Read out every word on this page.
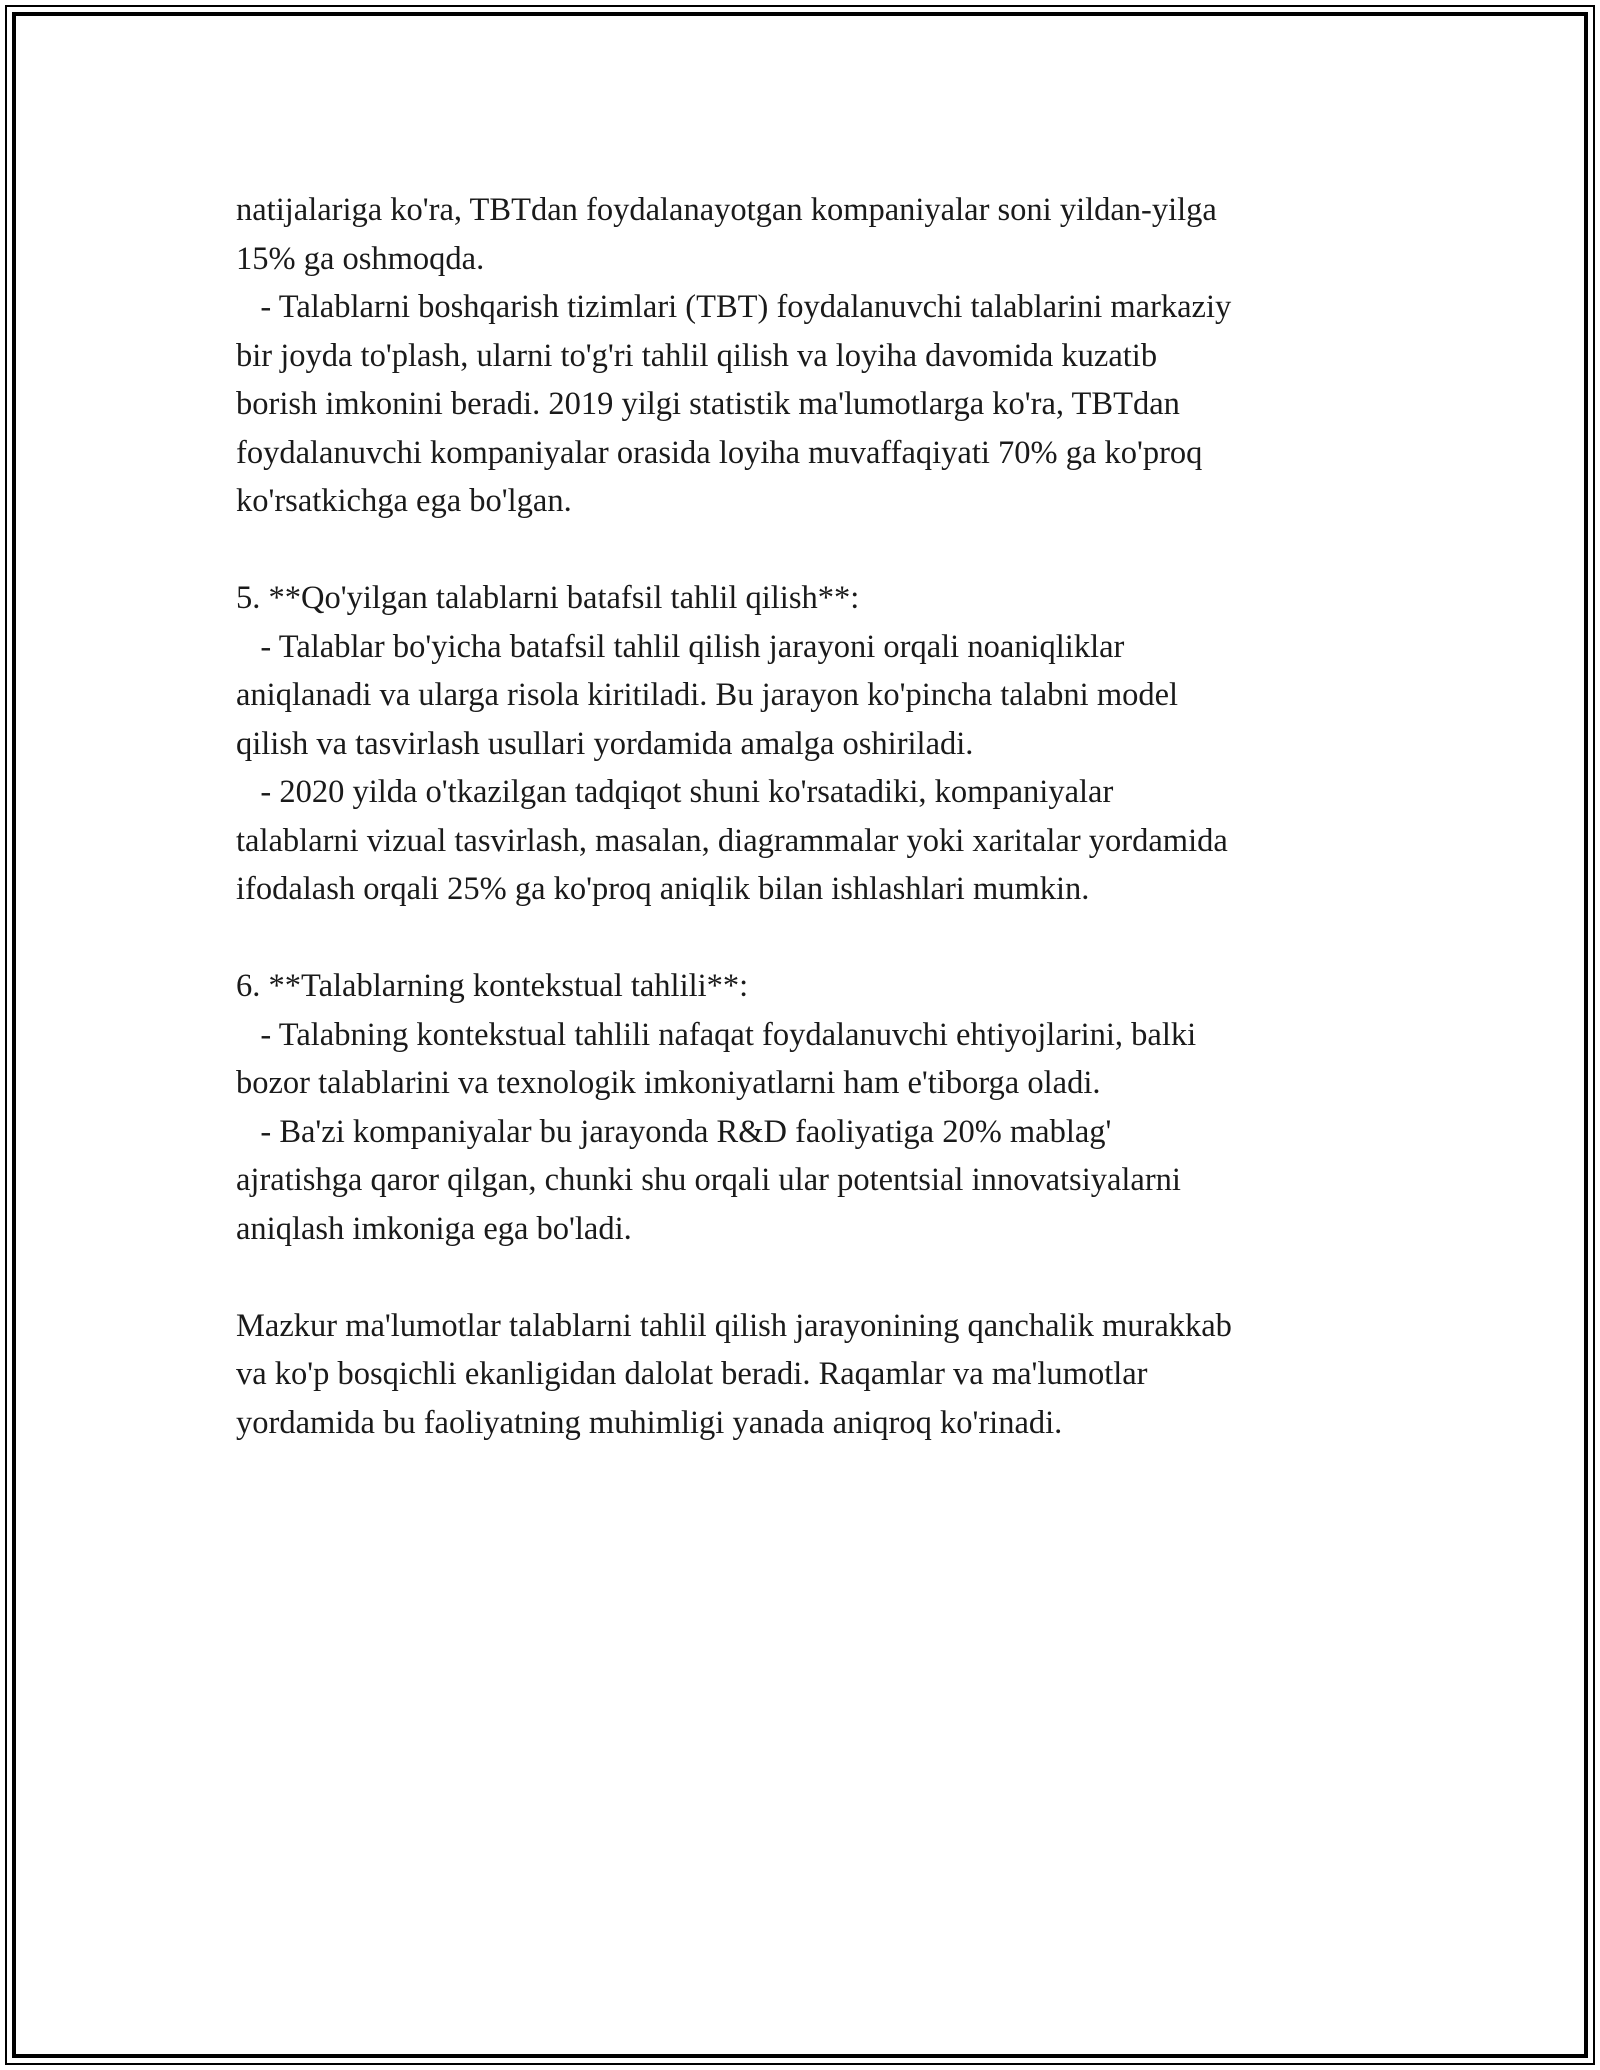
natijalariga ko'ra, TBTdan foydalanayotgan kompaniyalar soni yildan-yilga
15% ga oshmoqda.
- Talablarni boshqarish tizimlari (TBT) foydalanuvchi talablarini markaziy
bir joyda to'plash, ularni to'g'ri tahlil qilish va loyiha davomida kuzatib
borish imkonini beradi. 2019 yilgi statistik ma'lumotlarga ko'ra, TBTdan
foydalanuvchi kompaniyalar orasida loyiha muvaffaqiyati 70% ga ko'proq
ko'rsatkichga ega bo'lgan.
5. **Qo'yilgan talablarni batafsil tahlil qilish**:
- Talablar bo'yicha batafsil tahlil qilish jarayoni orqali noaniqliklar
aniqlanadi va ularga risola kiritiladi. Bu jarayon ko'pincha talabni model
qilish va tasvirlash usullari yordamida amalga oshiriladi.
- 2020 yilda o'tkazilgan tadqiqot shuni ko'rsatadiki, kompaniyalar
talablarni vizual tasvirlash, masalan, diagrammalar yoki xaritalar yordamida
ifodalash orqali 25% ga ko'proq aniqlik bilan ishlashlari mumkin.
6. **Talablarning kontekstual tahlili**:
- Talabning kontekstual tahlili nafaqat foydalanuvchi ehtiyojlarini, balki
bozor talablarini va texnologik imkoniyatlarni ham e'tiborga oladi.
- Ba'zi kompaniyalar bu jarayonda R&D faoliyatiga 20% mablag'
ajratishga qaror qilgan, chunki shu orqali ular potentsial innovatsiyalarni
aniqlash imkoniga ega bo'ladi.
Mazkur ma'lumotlar talablarni tahlil qilish jarayonining qanchalik murakkab
va ko'p bosqichli ekanligidan dalolat beradi. Raqamlar va ma'lumotlar
yordamida bu faoliyatning muhimligi yanada aniqroq ko'rinadi.
